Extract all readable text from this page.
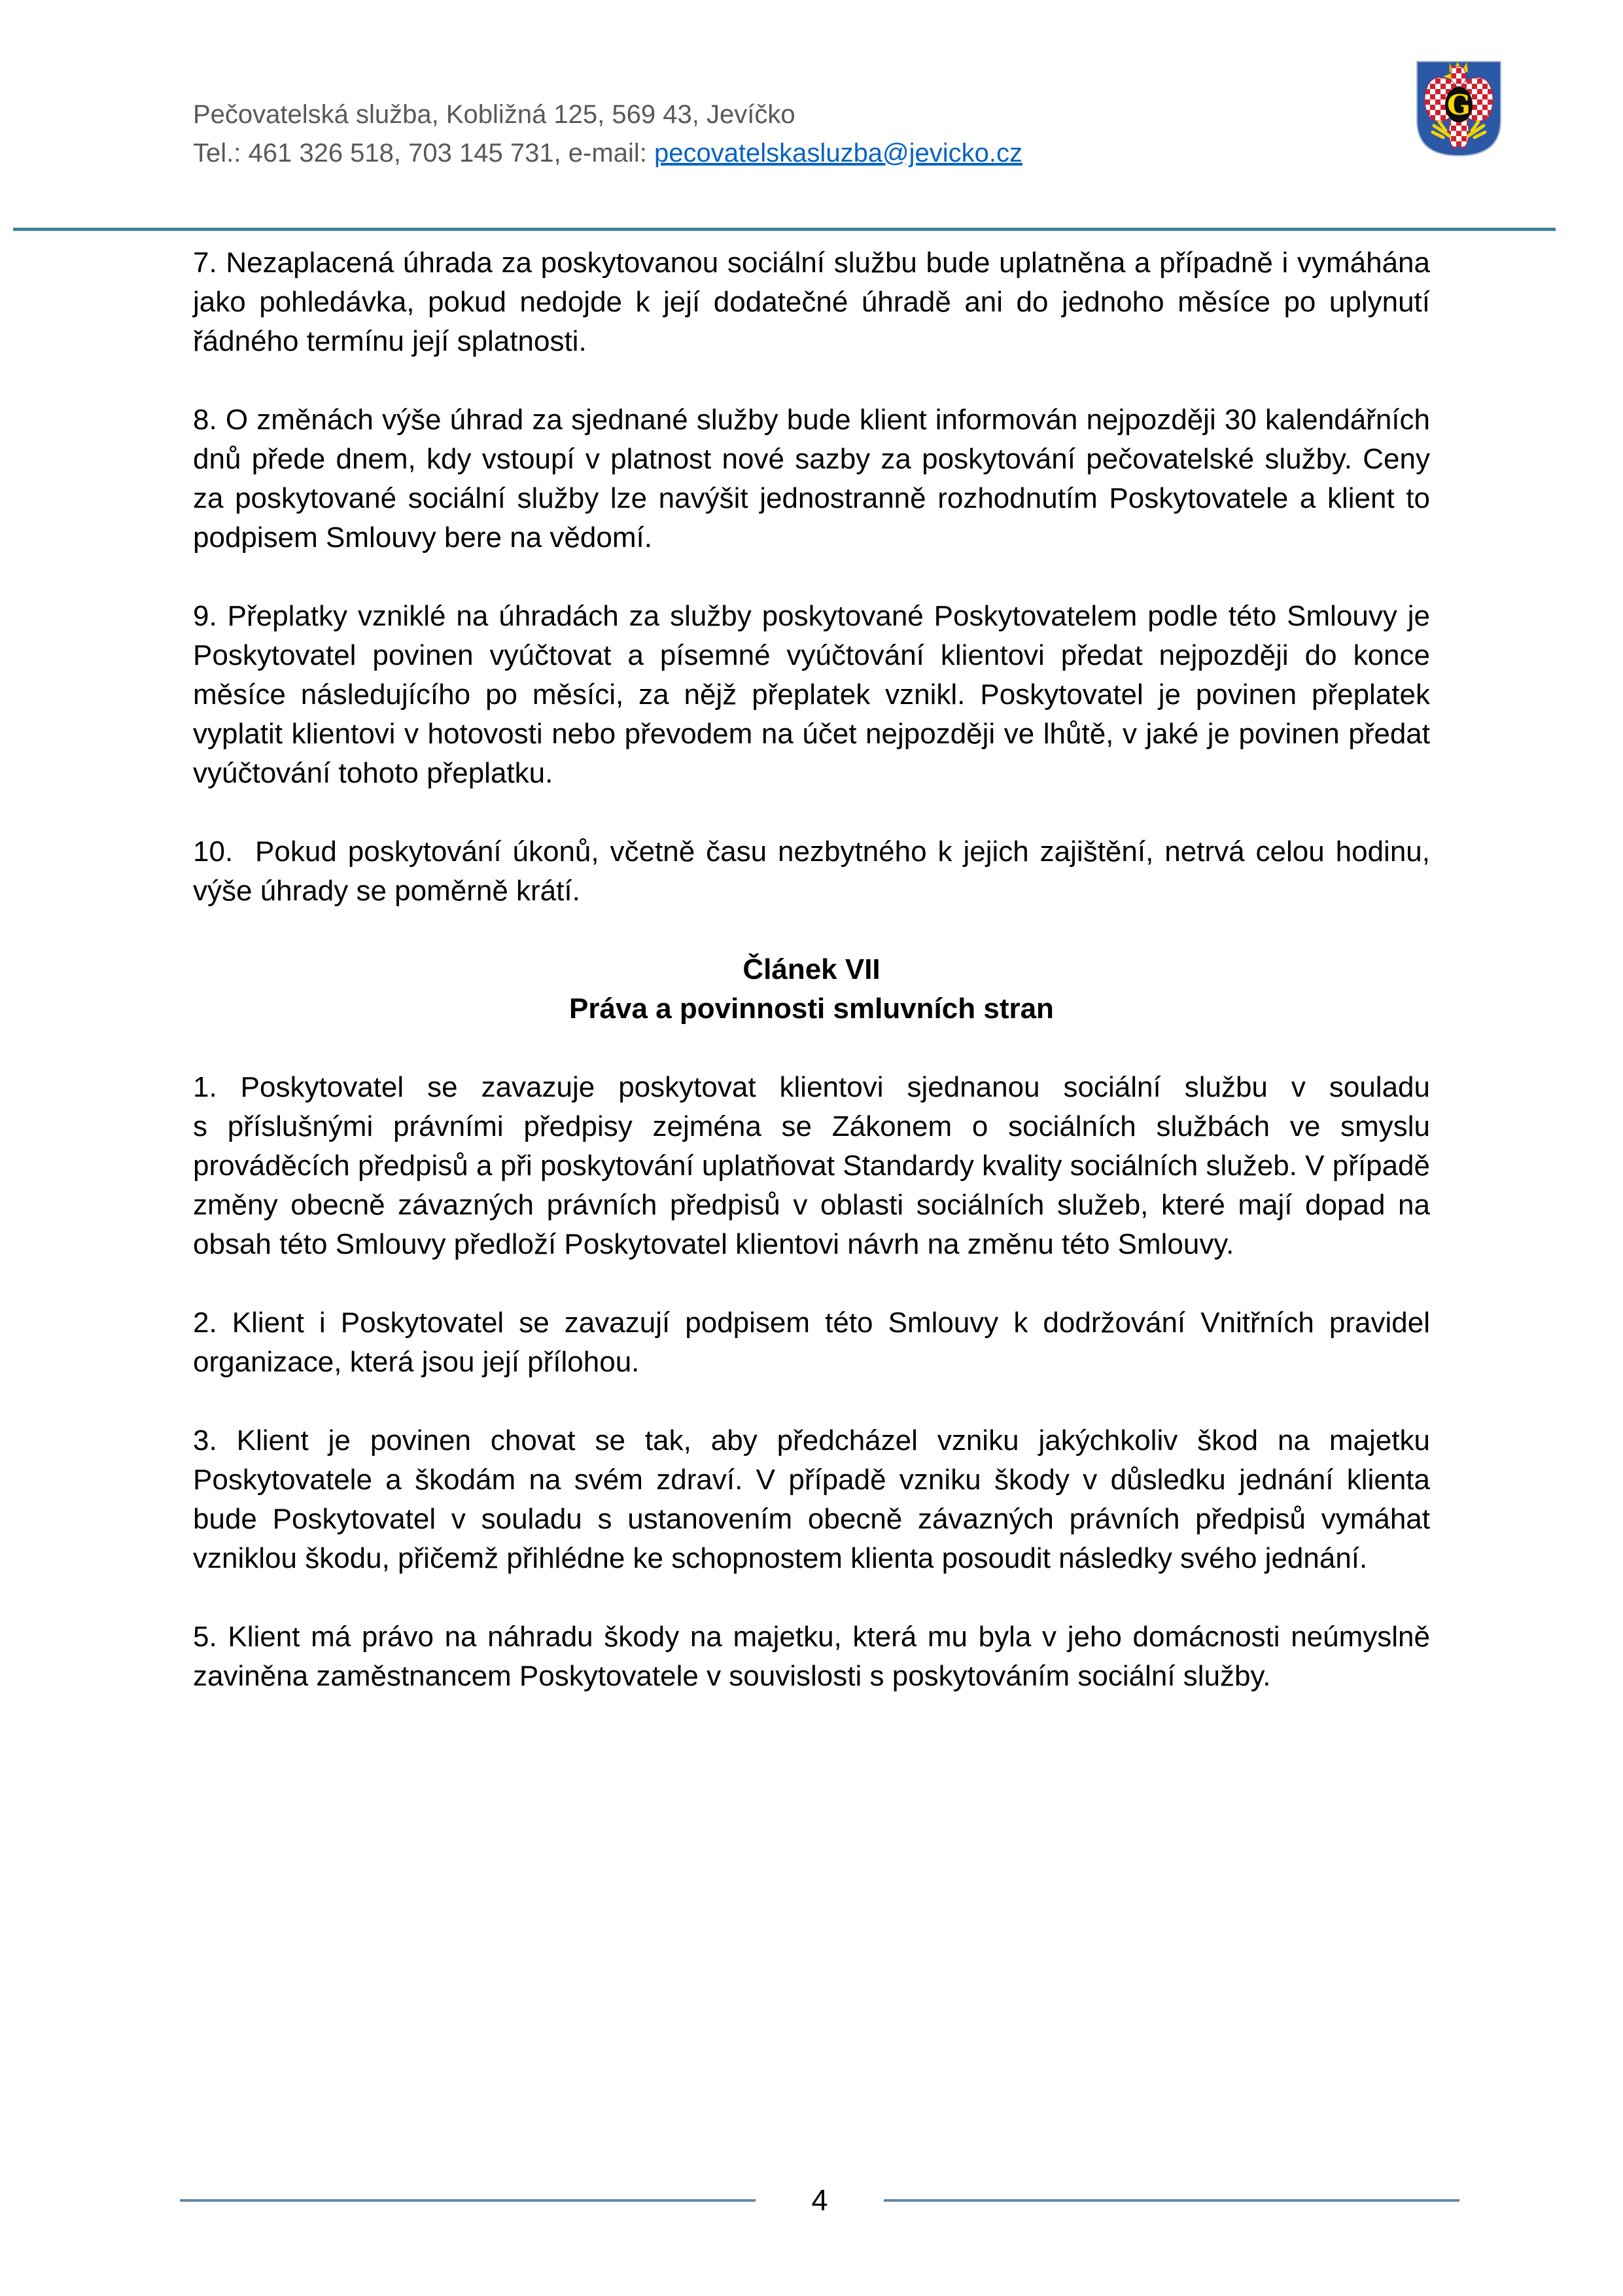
Pečovatelská služba, Kobližná 125, 569 43, Jevíčko
Tel.: 461 326 518, 703 145 731, e-mail: pecovatelskasluzba@jevicko.cz
G

7. Nezaplacená úhrada za poskytovanou sociální službu bude uplatněna a případně i vymáhána jako pohledávka, pokud nedojde k její dodatečné úhradě ani do jednoho měsíce po uplynutí řádného termínu její splatnosti.

8. O změnách výše úhrad za sjednané služby bude klient informován nejpozději 30 kalendářních dnů přede dnem, kdy vstoupí v platnost nové sazby za poskytování pečovatelské služby. Ceny za poskytované sociální služby lze navýšit jednostranně rozhodnutím Poskytovatele a klient to podpisem Smlouvy bere na vědomí.

9. Přeplatky vzniklé na úhradách za služby poskytované Poskytovatelem podle této Smlouvy je Poskytovatel povinen vyúčtovat a písemné vyúčtování klientovi předat nejpozději do konce měsíce následujícího po měsíci, za nějž přeplatek vznikl. Poskytovatel je povinen přeplatek vyplatit klientovi v hotovosti nebo převodem na účet nejpozději ve lhůtě, v jaké je povinen předat vyúčtování tohoto přeplatku.

10.  Pokud poskytování úkonů, včetně času nezbytného k jejich zajištění, netrvá celou hodinu, výše úhrady se poměrně krátí.

Článek VII
Práva a povinnosti smluvních stran

1. Poskytovatel se zavazuje poskytovat klientovi sjednanou sociální službu v souladu s příslušnými právními předpisy zejména se Zákonem o sociálních službách ve smyslu prováděcích předpisů a při poskytování uplatňovat Standardy kvality sociálních služeb. V případě změny obecně závazných právních předpisů v oblasti sociálních služeb, které mají dopad na obsah této Smlouvy předloží Poskytovatel klientovi návrh na změnu této Smlouvy.

2. Klient i Poskytovatel se zavazují podpisem této Smlouvy k dodržování Vnitřních pravidel organizace, která jsou její přílohou.

3. Klient je povinen chovat se tak, aby předcházel vzniku jakýchkoliv škod na majetku Poskytovatele a škodám na svém zdraví. V případě vzniku škody v důsledku jednání klienta bude Poskytovatel v souladu s ustanovením obecně závazných právních předpisů vymáhat vzniklou škodu, přičemž přihlédne ke schopnostem klienta posoudit následky svého jednání.

5. Klient má právo na náhradu škody na majetku, která mu byla v jeho domácnosti neúmyslně zaviněna zaměstnancem Poskytovatele v souvislosti s poskytováním sociální služby.

4
